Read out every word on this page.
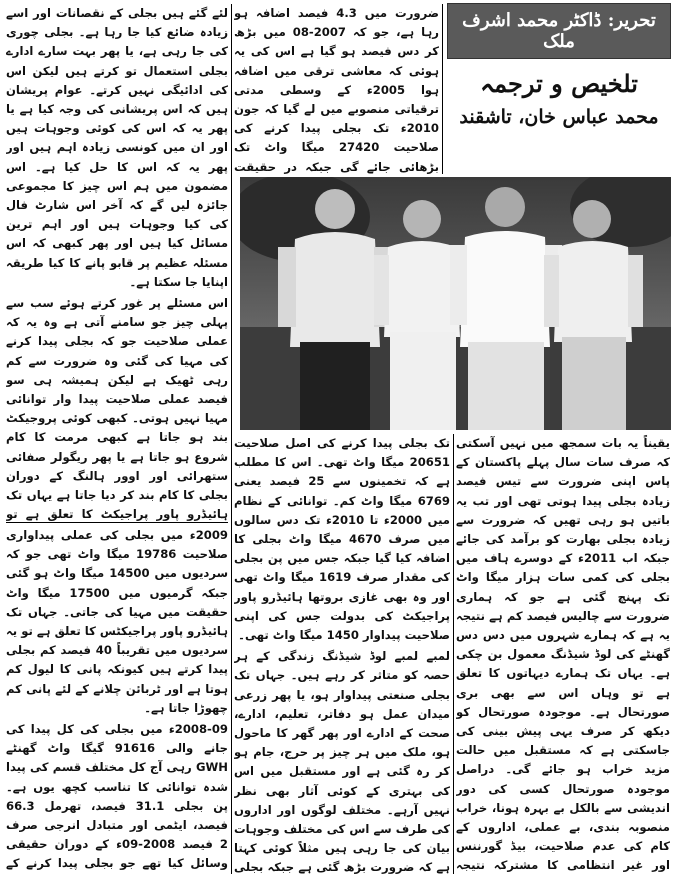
تحریر: ڈاکٹر محمد اشرف ملک
تلخیص و ترجمہ
محمد عباس خان، تاشقند

ضرورت میں 4.3 فیصد اضافہ ہو رہا ہے، جو کہ 2007-08 میں بڑھ کر دس فیصد ہو گیا ہے اس کی یہ ہوئی کہ معاشی ترقی میں اضافہ ہوا 2005ء کے وسطی مدتی ترقیاتی منصوبے میں لے گیا کہ جون 2010ء تک بجلی پیدا کرنے کی صلاحیت 27420 میگا واٹ تک بڑھائی جائے گی جبکہ در حقیقت

لئے گئے ہیں بجلی کے نقصانات اور اسے زیادہ ضائع کیا جا رہا ہے۔ بجلی چوری کی جا رہی ہے، یا پھر بہت سارے ادارے بجلی استعمال تو کرتے ہیں لیکن اس کی ادائیگی نہیں کرتے۔ عوام پریشان ہیں کہ اس پریشانی کی وجہ کیا ہے یا پھر یہ کہ اس کی کوئی وجوہات ہیں اور ان میں کونسی زیادہ اہم ہیں اور پھر یہ کہ اس کا حل کیا ہے۔ اس مضمون میں ہم اس چیز کا مجموعی جائزہ لیں گے کہ آخر اس شارٹ فال کی کیا وجوہات ہیں اور اہم ترین مسائل کیا ہیں اور پھر کبھی کہ اس مسئلہ عظیم پر قابو پانے کا کیا طریقہ اپنایا جا سکتا ہے۔

اس مسئلے پر غور کرتے ہوئے سب سے پہلی چیز جو سامنے آتی ہے وہ یہ کہ عملی صلاحیت جو کہ بجلی پیدا کرنے کی مہیا کی گئی وہ ضرورت سے کم رہی ٹھیک ہے لیکن ہمیشہ ہی سو فیصد عملی صلاحیت پیدا وار توانائی مہیا نہیں ہوتی۔ کبھی کوئی پروجیکٹ بند ہو جاتا ہے کبھی مرمت کا کام شروع ہو جاتا ہے یا پھر ریگولر صفائی ستھرائی اور اوور ہالنگ کے دوران بجلی کا کام بند کر دیا جاتا ہے یہاں تک ہائیڈرو پاور پراجیکٹ کا تعلق ہے تو

2009ء میں بجلی کی عملی پیداواری صلاحیت 19786 میگا واٹ تھی جو کہ سردیوں میں 14500 میگا واٹ ہو گئی جبکہ گرمیوں میں 17500 میگا واٹ حقیقت میں مہیا کی جاتی۔ جہاں تک ہائیڈرو پاور پراجیکٹس کا تعلق ہے تو یہ سردیوں میں تقریباً 40 فیصد کم بجلی پیدا کرتے ہیں کیونکہ پانی کا لیول کم ہوتا ہے اور ٹربائن چلانے کے لئے پانی کم چھوڑا جاتا ہے۔

2008-09ء میں بجلی کی کل پیدا کی جانے والی 91616 گیگا واٹ گھنٹے GWH رہی آج کل مختلف قسم کی پیدا شدہ توانائی کا تناسب کچھ یوں ہے۔ پن بجلی 31.1 فیصد، تھرمل 66.3 فیصد، ایٹمی اور متبادل انرجی صرف 2 فیصد 2008-09ء کے دوران حقیقی وسائل کیا تھے جو بجلی پیدا کرنے کے

تک بجلی پیدا کرنے کی اصل صلاحیت 20651 میگا واٹ تھی۔ اس کا مطلب ہے کہ تخمینوں سے 25 فیصد یعنی 6769 میگا واٹ کم۔ توانائی کے نظام میں 2000ء تا 2010ء تک دس سالوں میں صرف 4670 میگا واٹ بجلی کا اضافہ کیا گیا جبکہ جس میں پن بجلی کی مقدار صرف 1619 میگا واٹ تھی اور وہ بھی غازی بروتھا ہائیڈرو پاور پراجیکٹ کی بدولت جس کی اپنی صلاحیت پیداوار 1450 میگا واٹ تھی۔

لمبے لمبے لوڈ شیڈنگ زندگی کے ہر حصہ کو متاثر کر رہے ہیں۔ جہاں تک بجلی صنعتی پیداوار ہو، یا پھر زرعی میدان عمل ہو دفاتر، تعلیم، ادارے، صحت کے ادارے اور پھر گھر کا ماحول ہو، ملک میں ہر چیز پر حرج، جام ہو کر رہ گئی ہے اور مستقبل میں اس کی بہتری کے کوئی آثار بھی نظر نہیں آرہے۔ مختلف لوگوں اور اداروں کی طرف سے اس کی مختلف وجوہات بیان کی جا رہی ہیں مثلاً کوئی کہتا ہے کہ ضرورت بڑھ گئی ہے جبکہ بجلی

یقیناً یہ بات سمجھ میں نہیں آسکتی کہ صرف سات سال پہلے پاکستان کے پاس اپنی ضرورت سے تیس فیصد زیادہ بجلی پیدا ہوتی تھی اور تب یہ باتیں ہو رہی تھیں کہ ضرورت سے زیادہ بجلی بھارت کو برآمد کی جائے جبکہ اب 2011ء کے دوسرے ہاف میں بجلی کی کمی سات ہزار میگا واٹ تک پہنچ گئی ہے جو کہ ہماری ضرورت سے چالیس فیصد کم ہے نتیجہ یہ ہے کہ ہمارے شہروں میں دس دس گھنٹے کی لوڈ شیڈنگ معمول بن چکی ہے۔ یہاں تک ہمارے دیہاتوں کا تعلق ہے تو وہاں اس سے بھی بری صورتحال ہے۔ موجودہ صورتحال کو دیکھ کر صرف یہی پیش بینی کی جاسکتی ہے کہ مستقبل میں حالت مزید خراب ہو جائے گی۔ دراصل موجودہ صورتحال کسی کی دور اندیشی سے بالکل بے بہرہ ہونا، خراب منصوبہ بندی، بے عملی، اداروں کے کام کی عدم صلاحیت، بیڈ گورننس اور غیر انتظامی کا مشترکہ نتیجہ
